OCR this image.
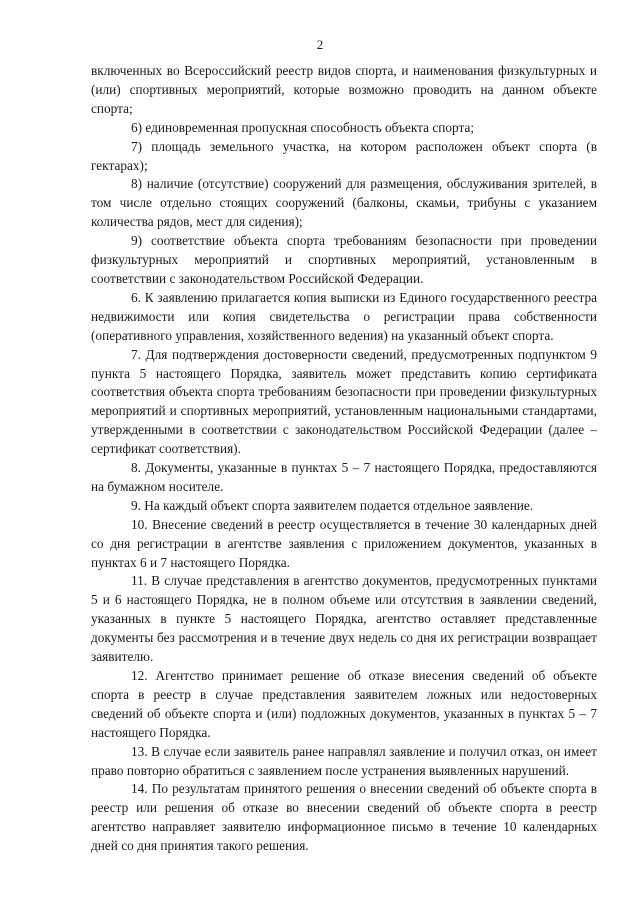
2

включенных во Всероссийский реестр видов спорта, и наименования физкультурных и (или) спортивных мероприятий, которые возможно проводить на данном объекте спорта;

6) единовременная пропускная способность объекта спорта;

7) площадь земельного участка, на котором расположен объект спорта (в гектарах);

8) наличие (отсутствие) сооружений для размещения, обслуживания зрителей, в том числе отдельно стоящих сооружений (балконы, скамьи, трибуны с указанием количества рядов, мест для сидения);

9) соответствие объекта спорта требованиям безопасности при проведении физкультурных мероприятий и спортивных мероприятий, установленным в соответствии с законодательством Российской Федерации.

6. К заявлению прилагается копия выписки из Единого государственного реестра недвижимости или копия свидетельства о регистрации права собственности (оперативного управления, хозяйственного ведения) на указанный объект спорта.

7. Для подтверждения достоверности сведений, предусмотренных подпунктом 9 пункта 5 настоящего Порядка, заявитель может представить копию сертификата соответствия объекта спорта требованиям безопасности при проведении физкультурных мероприятий и спортивных мероприятий, установленным национальными стандартами, утвержденными в соответствии с законодательством Российской Федерации (далее – сертификат соответствия).

8. Документы, указанные в пунктах 5 – 7 настоящего Порядка, предоставляются на бумажном носителе.

9. На каждый объект спорта заявителем подается отдельное заявление.

10. Внесение сведений в реестр осуществляется в течение 30 календарных дней со дня регистрации в агентстве заявления с приложением документов, указанных в пунктах 6 и 7 настоящего Порядка.

11. В случае представления в агентство документов, предусмотренных пунктами 5 и 6 настоящего Порядка, не в полном объеме или отсутствия в заявлении сведений, указанных в пункте 5 настоящего Порядка, агентство оставляет представленные документы без рассмотрения и в течение двух недель со дня их регистрации возвращает заявителю.

12. Агентство принимает решение об отказе внесения сведений об объекте спорта в реестр в случае представления заявителем ложных или недостоверных сведений об объекте спорта и (или) подложных документов, указанных в пунктах 5 – 7 настоящего Порядка.

13. В случае если заявитель ранее направлял заявление и получил отказ, он имеет право повторно обратиться с заявлением после устранения выявленных нарушений.

14. По результатам принятого решения о внесении сведений об объекте спорта в реестр или решения об отказе во внесении сведений об объекте спорта в реестр агентство направляет заявителю информационное письмо в течение 10 календарных дней со дня принятия такого решения.
